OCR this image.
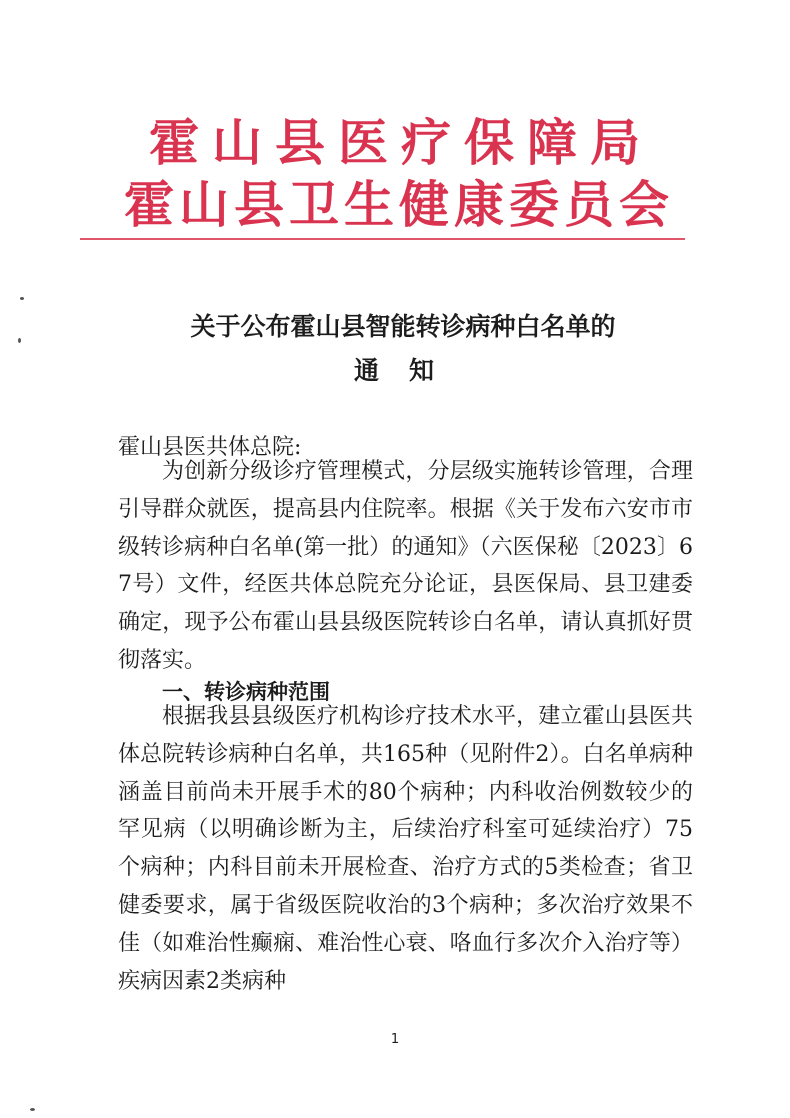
霍山县医疗保障局
霍山县卫生健康委员会
关于公布霍山县智能转诊病种白名单的
通知
霍山县医共体总院:

为创新分级诊疗管理模式，分层级实施转诊管理，合理引导群众就医，提高县内住院率。根据《关于发布六安市市级转诊病种白名单(第一批）的通知》（六医保秘〔2023〕67号）文件，经医共体总院充分论证，县医保局、县卫建委确定，现予公布霍山县县级医院转诊白名单，请认真抓好贯彻落实。

一、转诊病种范围

根据我县县级医疗机构诊疗技术水平，建立霍山县医共体总院转诊病种白名单，共165种（见附件2）。白名单病种涵盖目前尚未开展手术的80个病种；内科收治例数较少的罕见病（以明确诊断为主，后续治疗科室可延续治疗）75个病种；内科目前未开展检查、治疗方式的5类检查；省卫健委要求，属于省级医院收治的3个病种；多次治疗效果不佳（如难治性癫痫、难治性心衰、咯血行多次介入治疗等）疾病因素2类病种

1
